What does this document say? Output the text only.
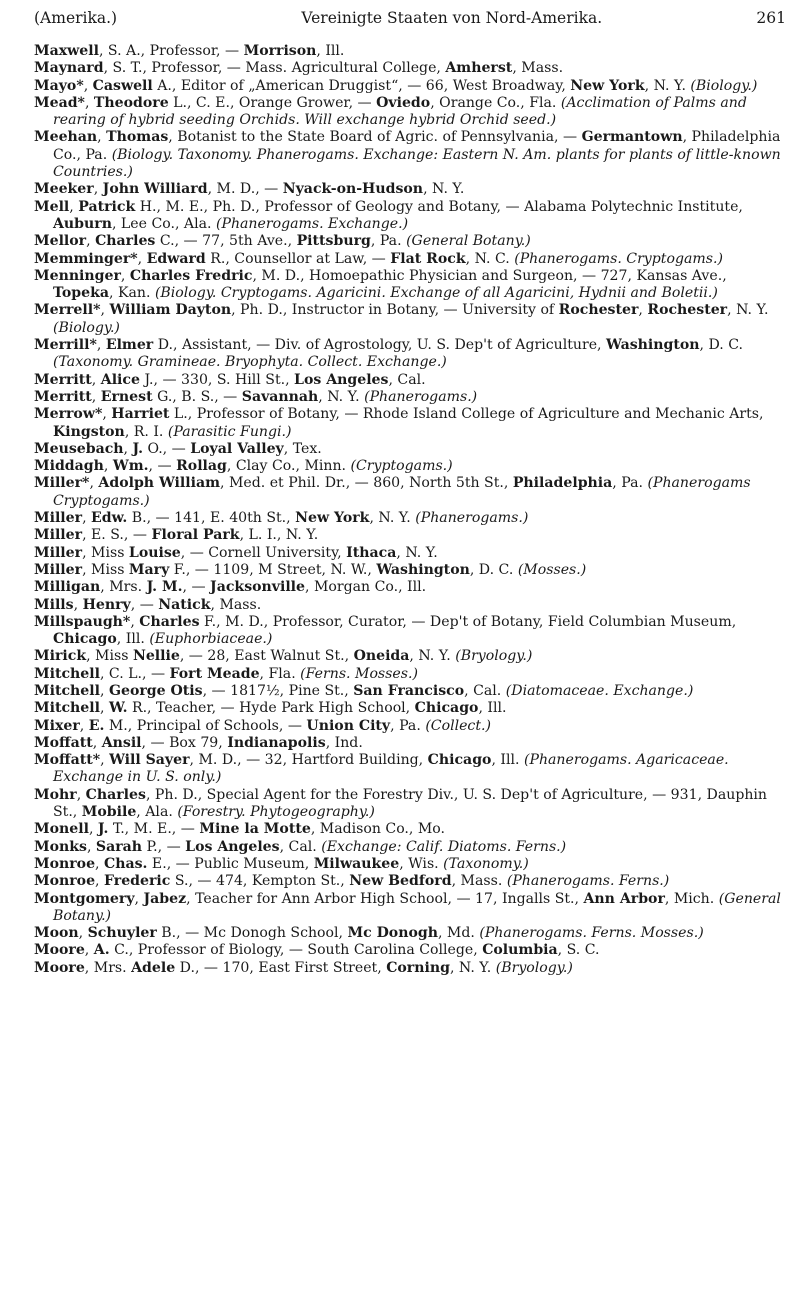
(Amerika.)	Vereinigte Staaten von Nord-Amerika.	261

Maxwell, S. A., Professor, — Morrison, Ill.

Maynard, S. T., Professor, — Mass. Agricultural College, Amherst, Mass.

Mayo*, Caswell A., Editor of „American Druggist“, — 66, West Broadway, New York, N. Y. (Biology.)

Mead*, Theodore L., C. E., Orange Grower, — Oviedo, Orange Co., Fla. (Acclimation of Palms and rearing of hybrid seeding Orchids. Will exchange hybrid Orchid seed.)

Meehan, Thomas, Botanist to the State Board of Agric. of Pennsylvania, — Germantown, Philadelphia Co., Pa. (Biology. Taxonomy. Phanerogams. Exchange: Eastern N. Am. plants for plants of little-known Countries.)

Meeker, John Williard, M. D., — Nyack-on-Hudson, N. Y.

Mell, Patrick H., M. E., Ph. D., Professor of Geology and Botany, — Alabama Polytechnic Institute, Auburn, Lee Co., Ala. (Phanerogams. Exchange.)

Mellor, Charles C., — 77, 5th Ave., Pittsburg, Pa. (General Botany.)

Memminger*, Edward R., Counsellor at Law, — Flat Rock, N. C. (Phanerogams. Cryptogams.)

Menninger, Charles Fredric, M. D., Homoepathic Physician and Surgeon, — 727, Kansas Ave., Topeka, Kan. (Biology. Cryptogams. Agaricini. Exchange of all Agaricini, Hydnii and Boletii.)

Merrell*, William Dayton, Ph. D., Instructor in Botany, — University of Rochester, Rochester, N. Y. (Biology.)

Merrill*, Elmer D., Assistant, — Div. of Agrostology, U. S. Dep't of Agriculture, Washington, D. C. (Taxonomy. Gramineae. Bryophyta. Collect. Exchange.)

Merritt, Alice J., — 330, S. Hill St., Los Angeles, Cal.

Merritt, Ernest G., B. S., — Savannah, N. Y. (Phanerogams.)

Merrow*, Harriet L., Professor of Botany, — Rhode Island College of Agriculture and Mechanic Arts, Kingston, R. I. (Parasitic Fungi.)

Meusebach, J. O., — Loyal Valley, Tex.

Middagh, Wm., — Rollag, Clay Co., Minn. (Cryptogams.)

Miller*, Adolph William, Med. et Phil. Dr., — 860, North 5th St., Philadelphia, Pa. (Phanerogams Cryptogams.)

Miller, Edw. B., — 141, E. 40th St., New York, N. Y. (Phanerogams.)

Miller, E. S., — Floral Park, L. I., N. Y.

Miller, Miss Louise, — Cornell University, Ithaca, N. Y.

Miller, Miss Mary F., — 1109, M Street, N. W., Washington, D. C. (Mosses.)

Milligan, Mrs. J. M., — Jacksonville, Morgan Co., Ill.

Mills, Henry, — Natick, Mass.

Millspaugh*, Charles F., M. D., Professor, Curator, — Dep't of Botany, Field Columbian Museum, Chicago, Ill. (Euphorbiaceae.)

Mirick, Miss Nellie, — 28, East Walnut St., Oneida, N. Y. (Bryology.)

Mitchell, C. L., — Fort Meade, Fla. (Ferns. Mosses.)

Mitchell, George Otis, — 1817½, Pine St., San Francisco, Cal. (Diatomaceae. Exchange.)

Mitchell, W. R., Teacher, — Hyde Park High School, Chicago, Ill.

Mixer, E. M., Principal of Schools, — Union City, Pa. (Collect.)

Moffatt, Ansil, — Box 79, Indianapolis, Ind.

Moffatt*, Will Sayer, M. D., — 32, Hartford Building, Chicago, Ill. (Phanerogams. Agaricaceae. Exchange in U. S. only.)

Mohr, Charles, Ph. D., Special Agent for the Forestry Div., U. S. Dep't of Agriculture, — 931, Dauphin St., Mobile, Ala. (Forestry. Phytogeography.)

Monell, J. T., M. E., — Mine la Motte, Madison Co., Mo.

Monks, Sarah P., — Los Angeles, Cal. (Exchange: Calif. Diatoms. Ferns.)

Monroe, Chas. E., — Public Museum, Milwaukee, Wis. (Taxonomy.)

Monroe, Frederic S., — 474, Kempton St., New Bedford, Mass. (Phanerogams. Ferns.)

Montgomery, Jabez, Teacher for Ann Arbor High School, — 17, Ingalls St., Ann Arbor, Mich. (General Botany.)

Moon, Schuyler B., — Mc Donogh School, Mc Donogh, Md. (Phanerogams. Ferns. Mosses.)

Moore, A. C., Professor of Biology, — South Carolina College, Columbia, S. C.

Moore, Mrs. Adele D., — 170, East First Street, Corning, N. Y. (Bryology.)
